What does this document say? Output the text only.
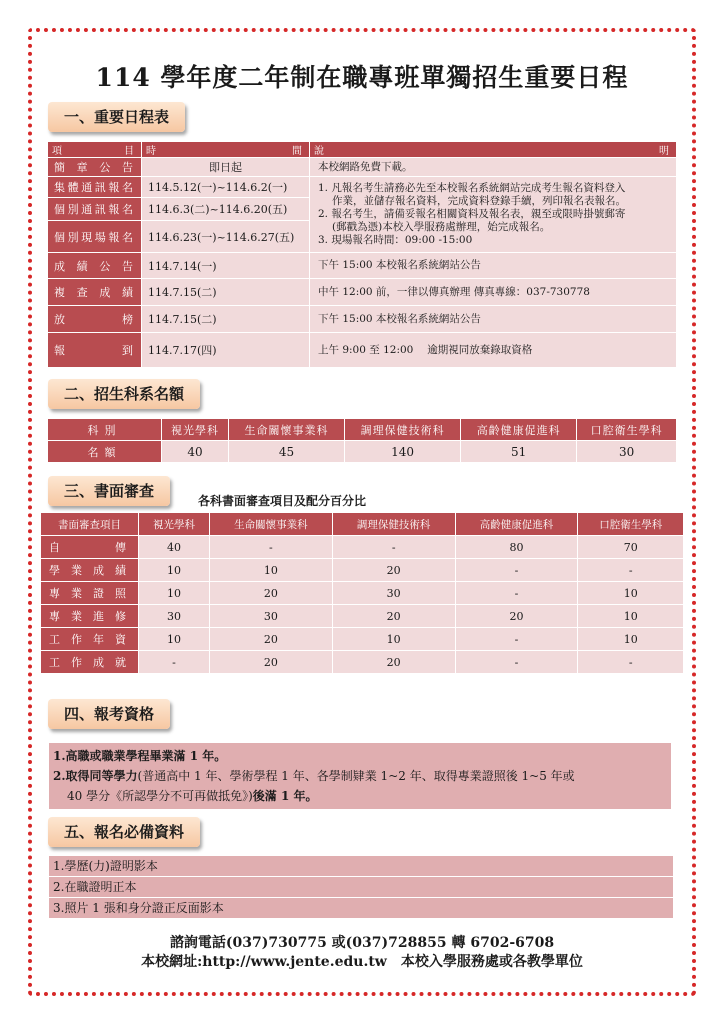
114 學年度二年制在職專班單獨招生重要日程
一、重要日程表
項目	時間	說明
簡章公告	即日起	本校網路免費下載。
集體通訊報名	114.5.12(一)~114.6.2(一)	1. 凡報名考生請務必先至本校報名系統網站完成考生報名資料登入
作業，並儲存報名資料，完成資料登錄手續，列印報名表報名。
2. 報名考生，請備妥報名相關資料及報名表，親至或限時掛號郵寄
(郵戳為憑)本校入學服務處辦理，始完成報名。
3. 現場報名時間：09:00 -15:00

個別通訊報名	114.6.3(二)~114.6.20(五)	
個別現場報名	114.6.23(一)~114.6.27(五)	
成績公告	114.7.14(一)	下午 15:00 本校報名系統網站公告
複查成績	114.7.15(二)	中午 12:00 前，一律以傳真辦理 傳真專線：037-730778
放榜	114.7.15(二)	下午 15:00 本校報名系統網站公告
報到	114.7.17(四)	上午 9:00 至 12:00　 逾期視同放棄錄取資格
二、招生科系名額
科別	視光學科	生命關懷事業科	調理保健技術科	高齡健康促進科	口腔衛生學科
名額	40	45	140	51	30
三、書面審查
各科書面審查項目及配分百分比
書面審查項目	視光學科	生命關懷事業科	調理保健技術科	高齡健康促進科	口腔衛生學科
自傳	40	-	-	80	70
學業成績	10	10	20	-	-
專業證照	10	20	30	-	10
專業進修	30	30	20	20	10
工作年資	10	20	10	-	10
工作成就	-	20	20	-	-
四、報考資格
1.高職或職業學程畢業滿 1 年。
2.取得同等學力(普通高中 1 年、學術學程 1 年、各學制肄業 1~2 年、取得專業證照後 1~5 年或
40 學分《所認學分不可再做抵免》)後滿 1 年。
五、報名必備資料
1.學歷(力)證明影本
2.在職證明正本
3.照片 1 張和身分證正反面影本
諮詢電話(037)730775 或(037)728855 轉 6702-6708
本校網址:http://www.jente.edu.tw　本校入學服務處或各教學單位
